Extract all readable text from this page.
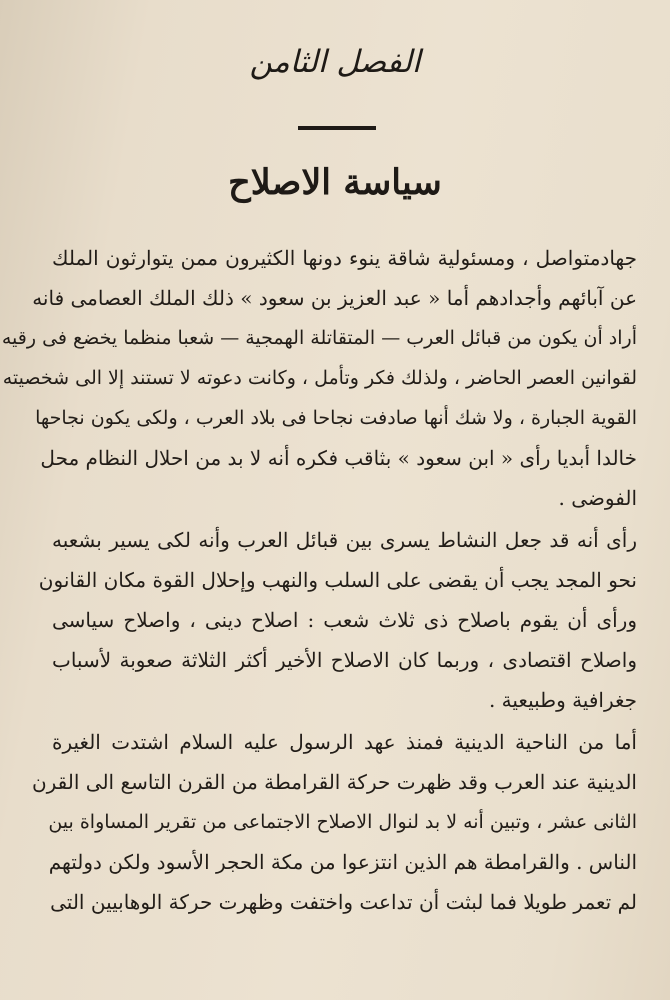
الفصل الثامن
سياسة الاصلاح
جهادمتواصل ، ومسئولية شاقة ينوء دونها الكثيرون ممن يتوارثون الملك
عن آبائهم وأجدادهم أما « عبد العزيز بن سعود » ذلك الملك العصامى فانه
أراد أن يكون من قبائل العرب — المتقاتلة الهمجية — شعبا منظما يخضع فى رقيه
لقوانين العصر الحاضر ، ولذلك فكر وتأمل ، وكانت دعوته لا تستند إلا الى شخصيته
القوية الجبارة ، ولا شك أنها صادفت نجاحا فى بلاد العرب ، ولكى يكون نجاحها
خالدا أبديا رأى « ابن سعود » بثاقب فكره أنه لا بد من احلال النظام محل
الفوضى .
رأى أنه قد جعل النشاط يسرى بين قبائل العرب وأنه لكى يسير بشعبه
نحو المجد يجب أن يقضى على السلب والنهب وإحلال القوة مكان القانون
ورأى أن يقوم باصلاح ذى ثلاث شعب : اصلاح دينى ، واصلاح سياسى
واصلاح اقتصادى ، وربما كان الاصلاح الأخير أكثر الثلاثة صعوبة لأسباب
جغرافية وطبيعية .
أما من الناحية الدينية فمنذ عهد الرسول عليه السلام اشتدت الغيرة
الدينية عند العرب وقد ظهرت حركة القرامطة من القرن التاسع الى القرن
الثانى عشر ، وتبين أنه لا بد لنوال الاصلاح الاجتماعى من تقرير المساواة بين
الناس . والقرامطة هم الذين انتزعوا من مكة الحجر الأسود ولكن دولتهم
لم تعمر طويلا فما لبثت أن تداعت واختفت وظهرت حركة الوهابيين التى
